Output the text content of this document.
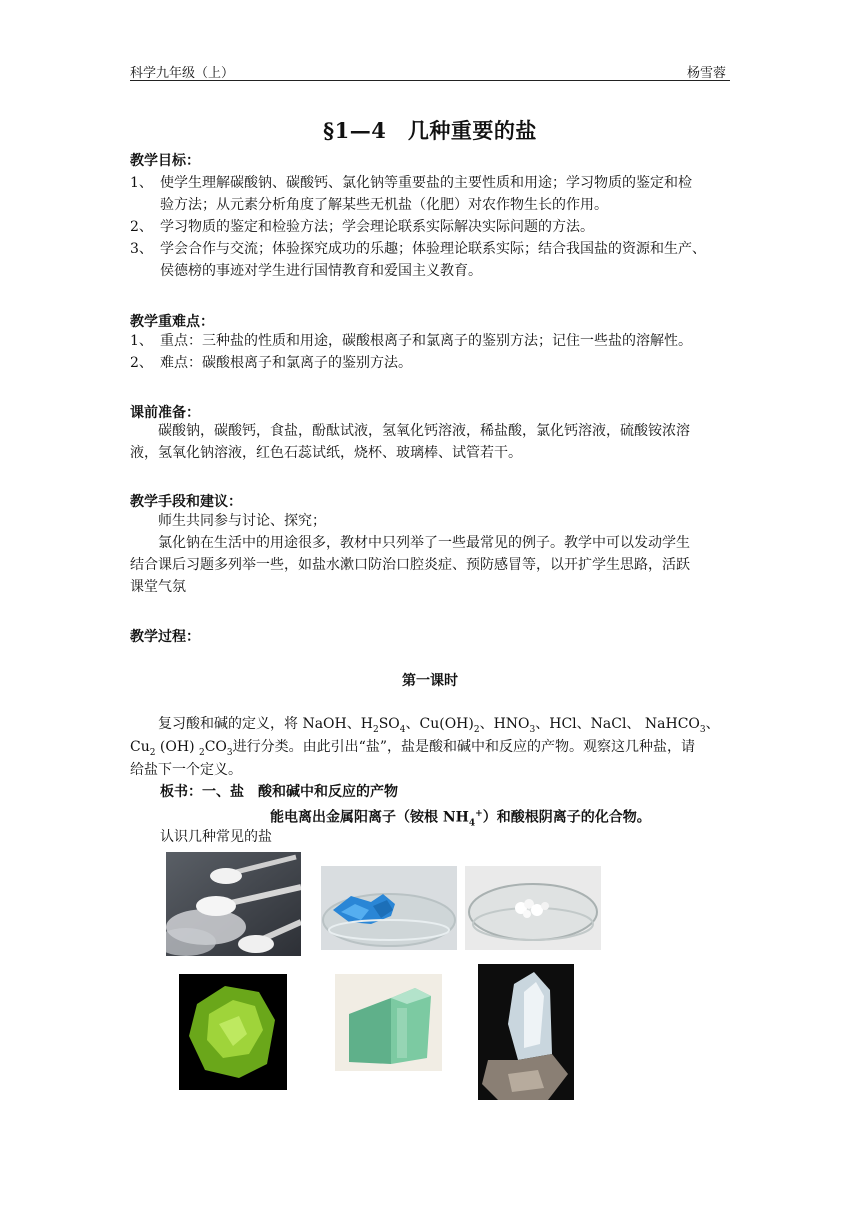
科学九年级（上）	杨雪蓉
§1—4　几种重要的盐
教学目标：
1、 使学生理解碳酸钠、碳酸钙、氯化钠等重要盐的主要性质和用途；学习物质的鉴定和检
验方法；从元素分析角度了解某些无机盐（化肥）对农作物生长的作用。
2、 学习物质的鉴定和检验方法；学会理论联系实际解决实际问题的方法。
3、 学会合作与交流；体验探究成功的乐趣；体验理论联系实际；结合我国盐的资源和生产、
侯德榜的事迹对学生进行国情教育和爱国主义教育。
教学重难点：
1、 重点：三种盐的性质和用途，碳酸根离子和氯离子的鉴别方法；记住一些盐的溶解性。
2、 难点：碳酸根离子和氯离子的鉴别方法。
课前准备：
碳酸钠，碳酸钙，食盐，酚酞试液，氢氧化钙溶液，稀盐酸，氯化钙溶液，硫酸铵浓溶
液，氢氧化钠溶液，红色石蕊试纸，烧杯、玻璃棒、试管若干。
教学手段和建议：
师生共同参与讨论、探究；
氯化钠在生活中的用途很多，教材中只列举了一些最常见的例子。教学中可以发动学生
结合课后习题多列举一些，如盐水漱口防治口腔炎症、预防感冒等，以开扩学生思路，活跃
课堂气氛
教学过程：
第一课时
复习酸和碱的定义，将 NaOH、$H_2SO_4$、$Cu(OH)_2$、$HNO_3$、HCl、NaCl、 NaHCO$_3$、
$Cu_2$ (OH) $_2CO_3$进行分类。由此引出“盐”，盐是酸和碱中和反应的产物。观察这几种盐，请
给盐下一个定义。
板书：一、盐　 酸和碱中和反应的产物
能电离出金属阳离子（铵根 $NH_4^+$）和酸根阴离子的化合物。
认识几种常见的盐
